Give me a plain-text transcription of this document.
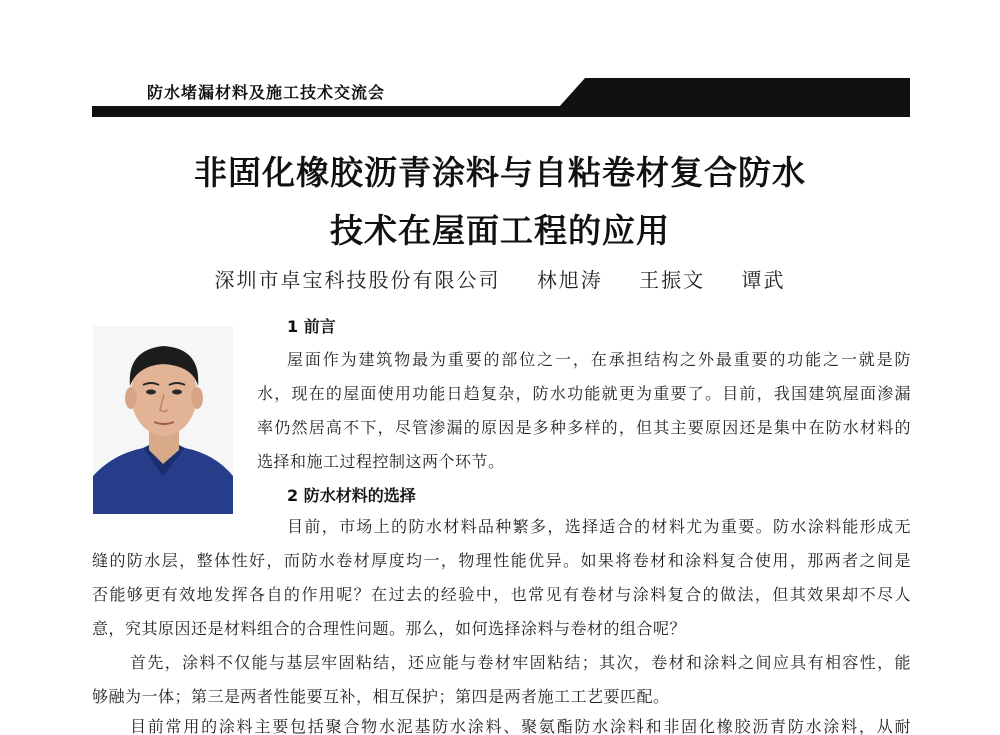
防水堵漏材料及施工技术交流会
非固化橡胶沥青涂料与自粘卷材复合防水
技术在屋面工程的应用
深圳市卓宝科技股份有限公司 林旭涛 王振文 谭武
1 前言
屋面作为建筑物最为重要的部位之一，在承担结构之外最重要的功能之一就是防
水，现在的屋面使用功能日趋复杂，防水功能就更为重要了。目前，我国建筑屋面渗漏
率仍然居高不下，尽管渗漏的原因是多种多样的，但其主要原因还是集中在防水材料的
选择和施工过程控制这两个环节。
2 防水材料的选择
目前，市场上的防水材料品种繁多，选择适合的材料尤为重要。防水涂料能形成无
缝的防水层，整体性好，而防水卷材厚度均一，物理性能优异。如果将卷材和涂料复合使用，那两者之间是
否能够更有效地发挥各自的作用呢？在过去的经验中，也常见有卷材与涂料复合的做法，但其效果却不尽人
意，究其原因还是材料组合的合理性问题。那么，如何选择涂料与卷材的组合呢？
首先，涂料不仅能与基层牢固粘结，还应能与卷材牢固粘结；其次，卷材和涂料之间应具有相容性，能
够融为一体；第三是两者性能要互补，相互保护；第四是两者施工工艺要匹配。
目前常用的涂料主要包括聚合物水泥基防水涂料、聚氨酯防水涂料和非固化橡胶沥青防水涂料，从耐
